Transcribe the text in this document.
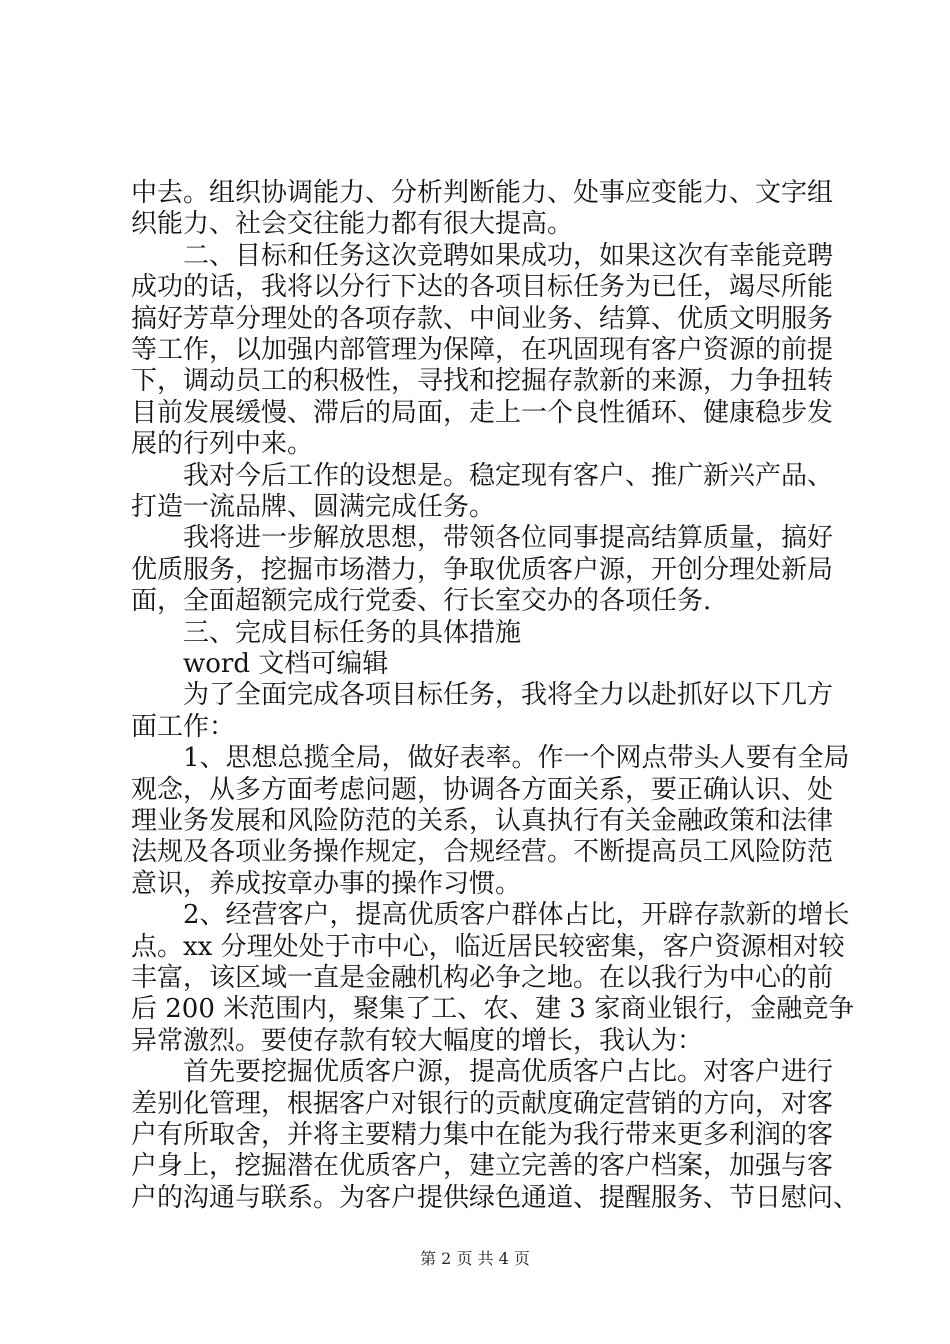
中去。组织协调能力、分析判断能力、处事应变能力、文字组
织能力、社会交往能力都有很大提高。
　　二、目标和任务这次竞聘如果成功，如果这次有幸能竞聘
成功的话，我将以分行下达的各项目标任务为已任，竭尽所能
搞好芳草分理处的各项存款、中间业务、结算、优质文明服务
等工作，以加强内部管理为保障，在巩固现有客户资源的前提
下，调动员工的积极性，寻找和挖掘存款新的来源，力争扭转
目前发展缓慢、滞后的局面，走上一个良性循环、健康稳步发
展的行列中来。
　　我对今后工作的设想是。稳定现有客户、推广新兴产品、
打造一流品牌、圆满完成任务。
　　我将进一步解放思想，带领各位同事提高结算质量，搞好
优质服务，挖掘市场潜力，争取优质客户源，开创分理处新局
面，全面超额完成行党委、行长室交办的各项任务.
　　三、完成目标任务的具体措施
　　word 文档可编辑
　　为了全面完成各项目标任务，我将全力以赴抓好以下几方
面工作：
　　1、思想总揽全局，做好表率。作一个网点带头人要有全局
观念，从多方面考虑问题，协调各方面关系，要正确认识、处
理业务发展和风险防范的关系，认真执行有关金融政策和法律
法规及各项业务操作规定，合规经营。不断提高员工风险防范
意识，养成按章办事的操作习惯。
　　2、经营客户，提高优质客户群体占比，开辟存款新的增长
点。xx 分理处处于市中心，临近居民较密集，客户资源相对较
丰富，该区域一直是金融机构必争之地。在以我行为中心的前
后 200 米范围内，聚集了工、农、建 3 家商业银行，金融竞争
异常激烈。要使存款有较大幅度的增长，我认为：
　　首先要挖掘优质客户源，提高优质客户占比。对客户进行
差别化管理，根据客户对银行的贡献度确定营销的方向，对客
户有所取舍，并将主要精力集中在能为我行带来更多利润的客
户身上，挖掘潜在优质客户，建立完善的客户档案，加强与客
户的沟通与联系。为客户提供绿色通道、提醒服务、节日慰问、
第 2 页 共 4 页
